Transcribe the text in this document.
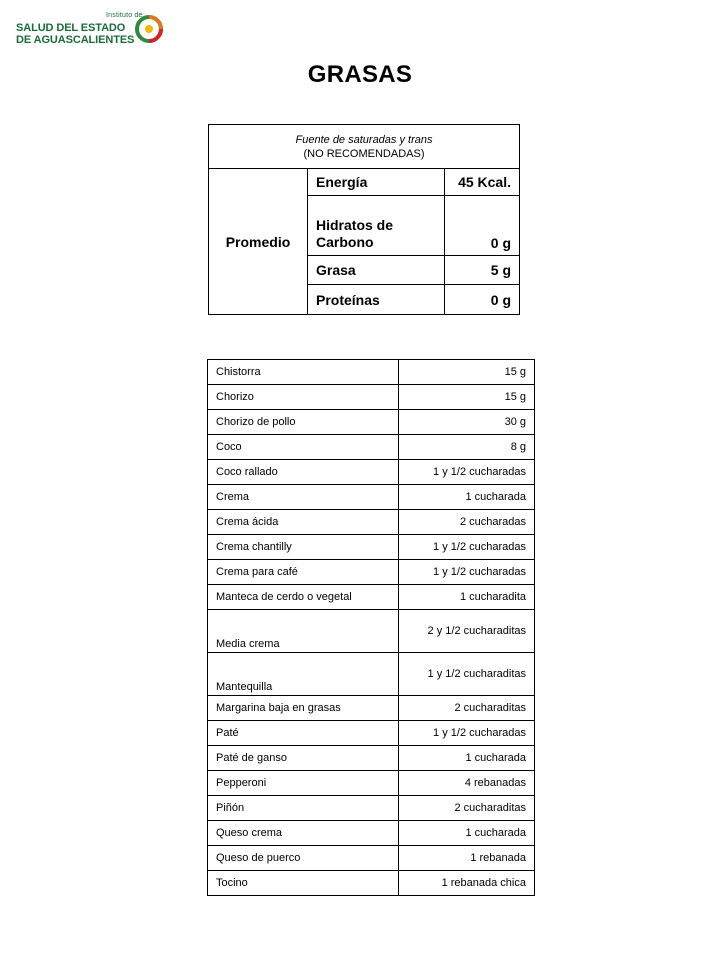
Instituto de
SALUD DEL ESTADO
DE AGUASCALIENTES
GRASAS
Fuente de saturadas y trans
(NO RECOMENDADAS)		

Promedio	Energía	45 Kcal.
	Hidratos de Carbono	0 g
	Grasa	5 g
	Proteínas	0 g
Chistorra	15 g
Chorizo	15 g
Chorizo de pollo	30 g
Coco	8 g
Coco rallado	1 y 1/2 cucharadas
Crema	1 cucharada
Crema ácida	2 cucharadas
Crema chantilly	1 y 1/2 cucharadas
Crema para café	1 y 1/2 cucharadas
Manteca de cerdo o vegetal	1 cucharadita
Media crema	2 y 1/2 cucharaditas
Mantequilla	1 y 1/2 cucharaditas
Margarina baja en grasas	2 cucharaditas
Paté	1 y 1/2 cucharadas
Paté de ganso	1 cucharada
Pepperoni	4 rebanadas
Piñón	2 cucharaditas
Queso crema	1 cucharada
Queso de puerco	1 rebanada
Tocino	1 rebanada chica
